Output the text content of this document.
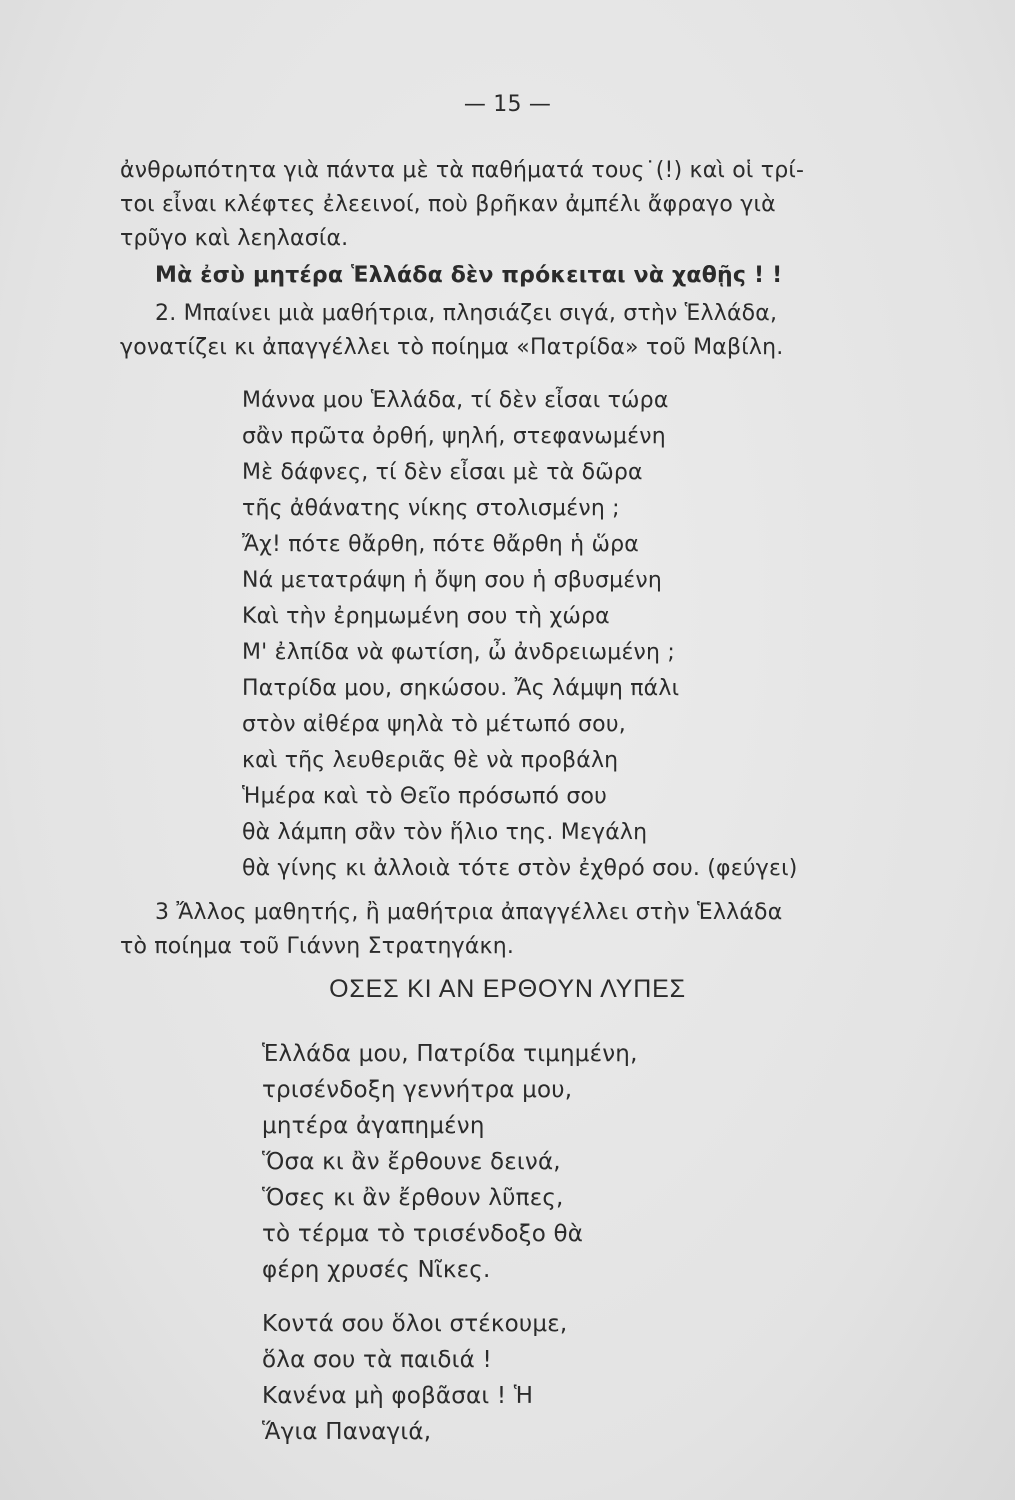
— 15 —

ἀνθρωπότητα γιὰ πάντα μὲ τὰ παθήματά τους˙(!) καὶ οἱ τρί-

τοι εἶναι κλέφτες ἐλεεινοί, ποὺ βρῆκαν ἀμπέλι ἄφραγο γιὰ

τρῦγο καὶ λεηλασία.

Μὰ ἐσὺ μητέρα Ἑλλάδα δὲν πρόκειται νὰ χαθῇς ! !

2. Μπαίνει μιὰ μαθήτρια, πλησιάζει σιγά, στὴν Ἑλλάδα,

γονατίζει κι ἀπαγγέλλει τὸ ποίημα «Πατρίδα» τοῦ Μαβίλη.

Μάννα μου Ἑλλάδα, τί δὲν εἶσαι τώρα

σἂν πρῶτα ὀρθή, ψηλή, στεφανωμένη

Μὲ δάφνες, τί δὲν εἶσαι μὲ τὰ δῶρα

τῆς ἀθάνατης νίκης στολισμένη ;

Ἄχ! πότε θἄρθη, πότε θἄρθη ἡ ὥρα

Νά μετατράψη ἡ ὄψη σου ἡ σβυσμένη

Καὶ τὴν ἐρημωμένη σου τὴ χώρα

Μ' ἐλπίδα νὰ φωτίση, ὦ ἀνδρειωμένη ;

Πατρίδα μου, σηκώσου. Ἄς λάμψη πάλι

στὸν αἰθέρα ψηλὰ τὸ μέτωπό σου,

καὶ τῆς λευθεριᾶς θὲ νὰ προβάλη

Ἡμέρα καὶ τὸ Θεῖο πρόσωπό σου

θὰ λάμπη σἂν τὸν ἥλιο της. Μεγάλη

θὰ γίνης κι ἀλλοιὰ τότε στὸν ἐχθρό σου. (φεύγει)

3 Ἄλλος μαθητής, ἢ μαθήτρια ἀπαγγέλλει στὴν Ἑλλάδα

τὸ ποίημα τοῦ Γιάννη Στρατηγάκη.

ΟΣΕΣ ΚΙ ΑΝ ΕΡΘΟΥΝ ΛΥΠΕΣ

Ἑλλάδα μου, Πατρίδα τιμημένη,

τρισένδοξη γεννήτρα μου,

μητέρα ἀγαπημένη

Ὅσα κι ἂν ἔρθουνε δεινά,

Ὅσες κι ἂν ἔρθουν λῦπες,

τὸ τέρμα τὸ τρισένδοξο θὰ

φέρη χρυσές Νῖκες.

Κοντά σου ὅλοι στέκουμε,

ὅλα σου τὰ παιδιά !

Κανένα μὴ φοβᾶσαι ! Ἡ

Ἅγια Παναγιά,
